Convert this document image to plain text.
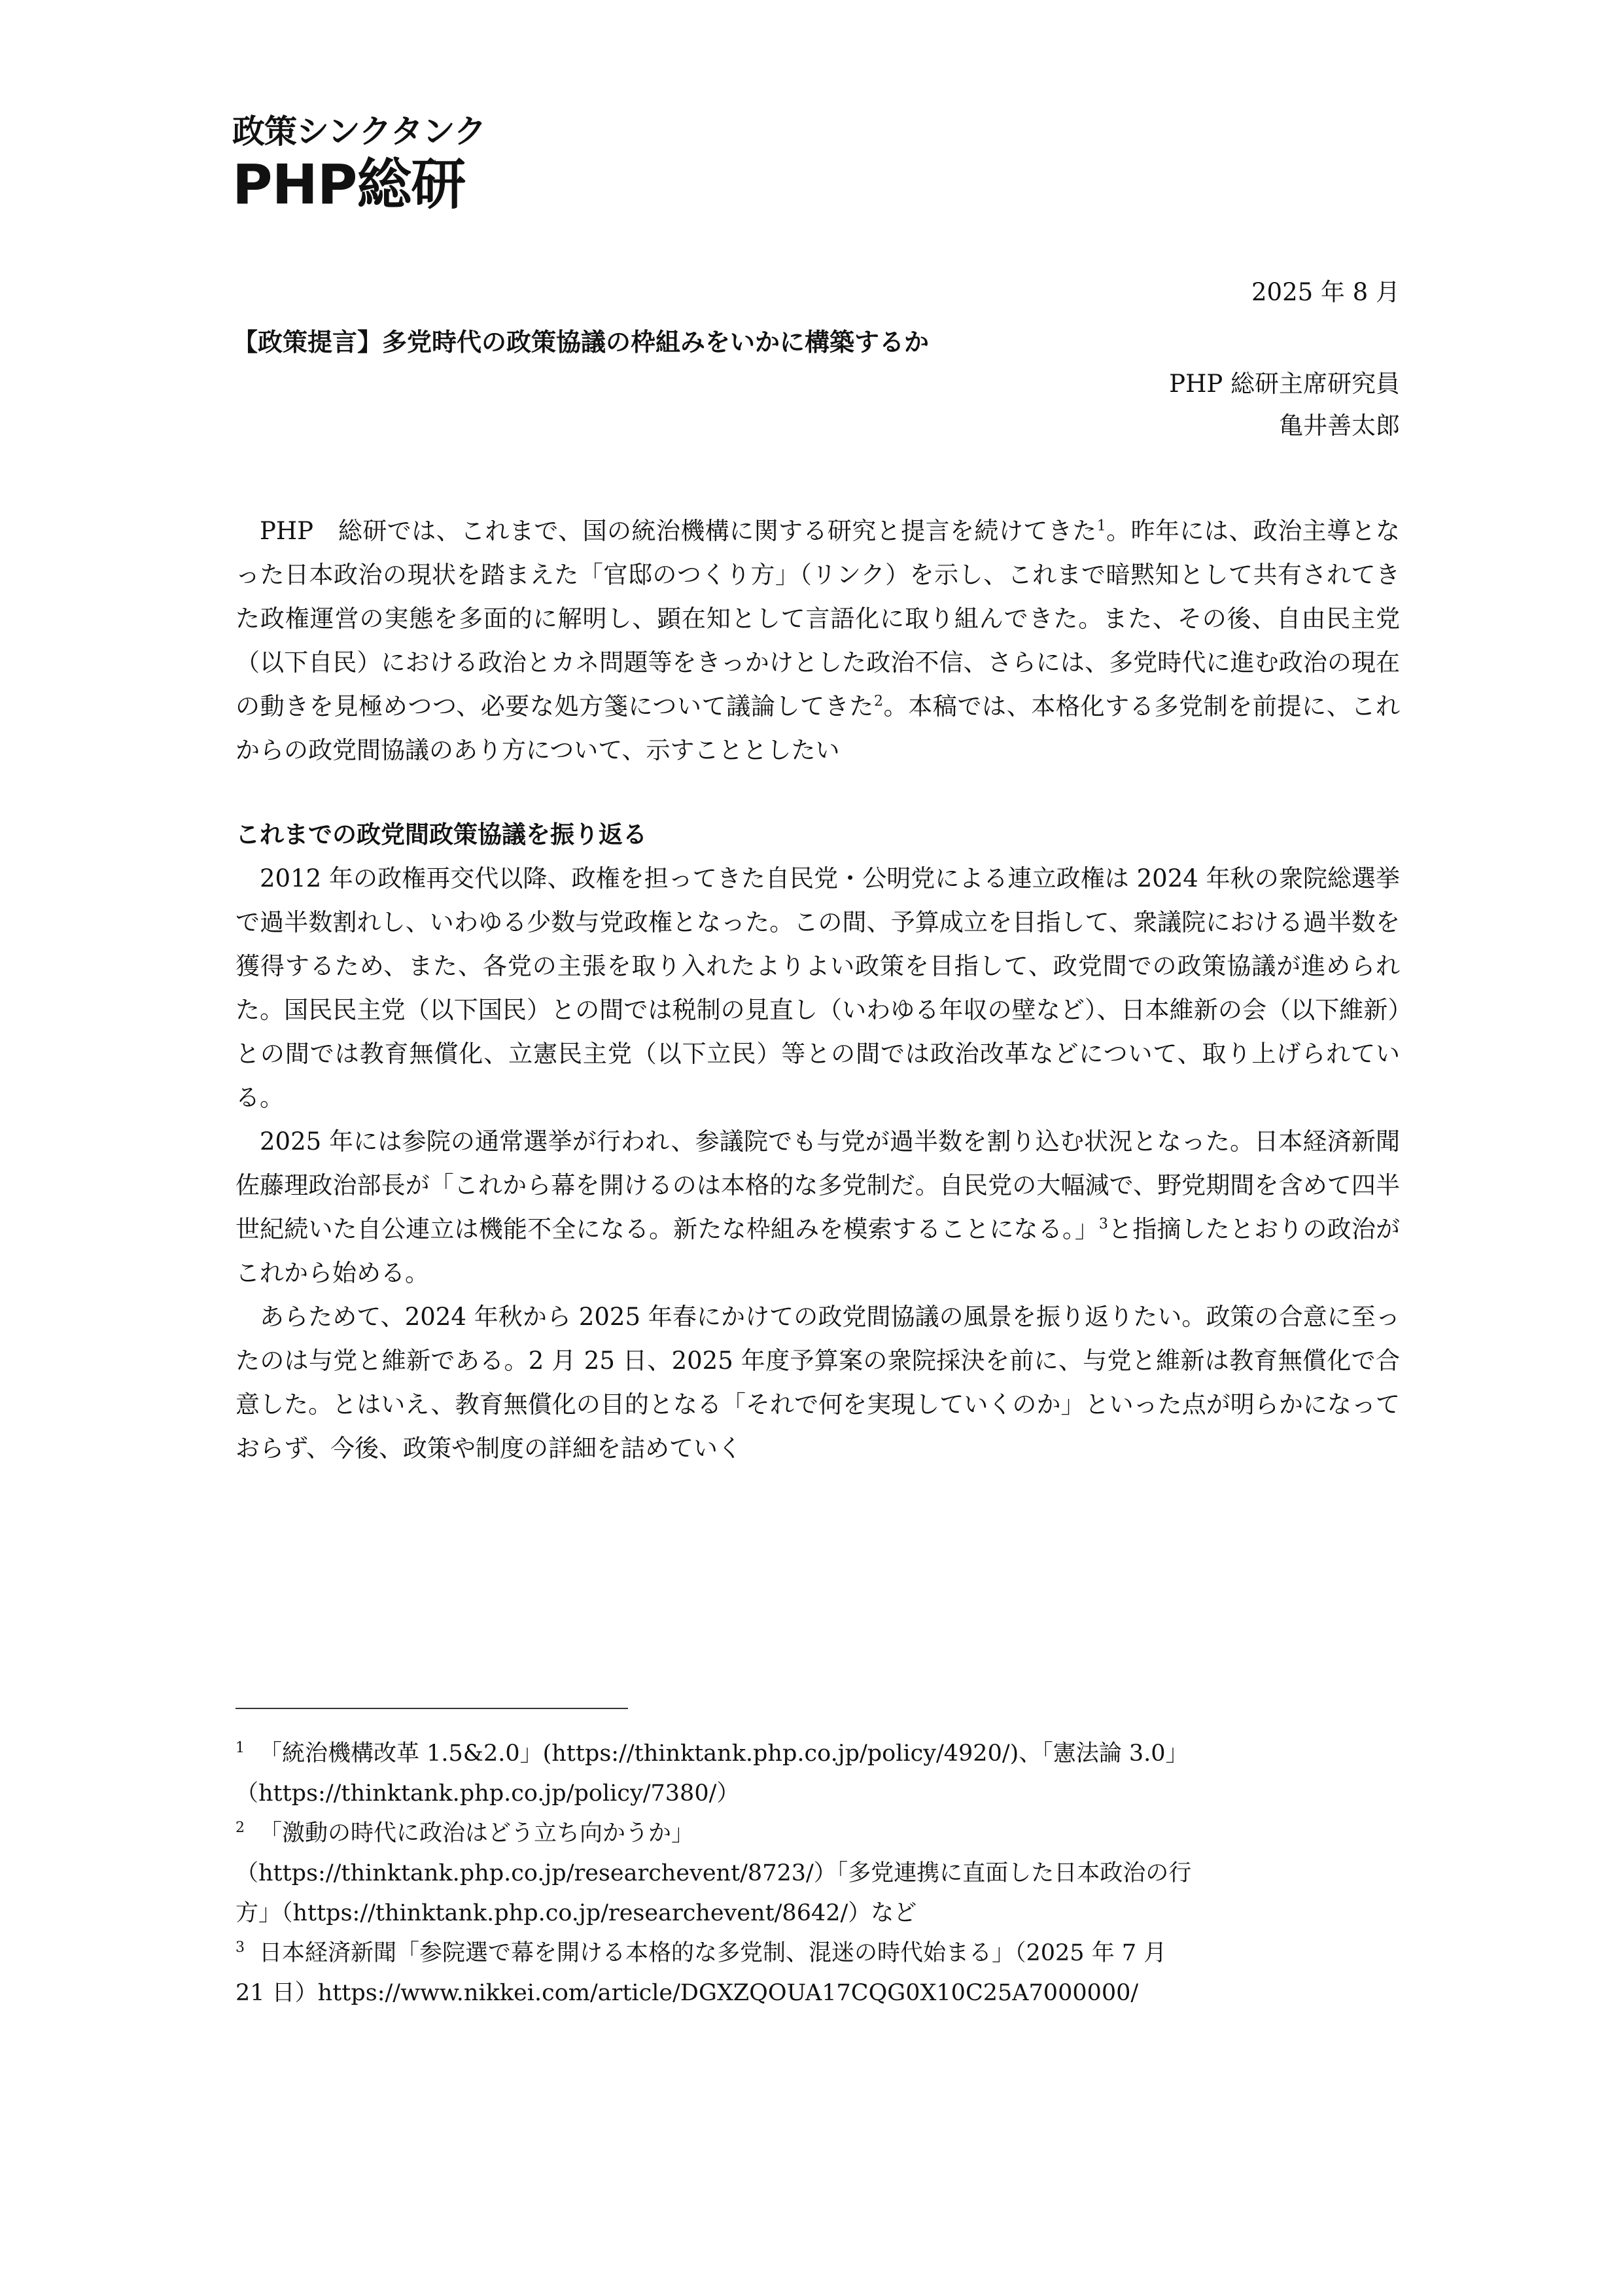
政策シンクタンク
PHP総研
2025 年 8 月
【政策提言】多党時代の政策協議の枠組みをいかに構築するか
PHP 総研主席研究員
亀井善太郎

PHP　総研では、これまで、国の統治機構に関する研究と提言を続けてきた$^1$。昨年には、政治主導となった日本政治の現状を踏まえた「官邸のつくり方」（リンク）を示し、これまで暗黙知として共有されてきた政権運営の実態を多面的に解明し、顕在知として言語化に取り組んできた。また、その後、自由民主党（以下自民）における政治とカネ問題等をきっかけとした政治不信、さらには、多党時代に進む政治の現在の動きを見極めつつ、必要な処方箋について議論してきた$^2$。本稿では、本格化する多党制を前提に、これからの政党間協議のあり方について、示すこととしたい

これまでの政党間政策協議を振り返る

2012 年の政権再交代以降、政権を担ってきた自民党・公明党による連立政権は 2024 年秋の衆院総選挙で過半数割れし、いわゆる少数与党政権となった。この間、予算成立を目指して、衆議院における過半数を獲得するため、また、各党の主張を取り入れたよりよい政策を目指して、政党間での政策協議が進められた。国民民主党（以下国民）との間では税制の見直し（いわゆる年収の壁など）、日本維新の会（以下維新）との間では教育無償化、立憲民主党（以下立民）等との間では政治改革などについて、取り上げられている。

2025 年には参院の通常選挙が行われ、参議院でも与党が過半数を割り込む状況となった。日本経済新聞佐藤理政治部長が「これから幕を開けるのは本格的な多党制だ。自民党の大幅減で、野党期間を含めて四半世紀続いた自公連立は機能不全になる。新たな枠組みを模索することになる。」$^3$と指摘したとおりの政治がこれから始める。

あらためて、2024 年秋から 2025 年春にかけての政党間協議の風景を振り返りたい。政策の合意に至ったのは与党と維新である。2 月 25 日、2025 年度予算案の衆院採決を前に、与党と維新は教育無償化で合意した。とはいえ、教育無償化の目的となる「それで何を実現していくのか」といった点が明らかになっておらず、今後、政策や制度の詳細を詰めていく

$^1$ 「統治機構改革 1.5&2.0」(https://thinktank.php.co.jp/policy/4920/)、「憲法論 3.0」
（https://thinktank.php.co.jp/policy/7380/）
$^2$ 「激動の時代に政治はどう立ち向かうか」
（https://thinktank.php.co.jp/researchevent/8723/）「多党連携に直面した日本政治の行
方」（https://thinktank.php.co.jp/researchevent/8642/）など
$^3$ 日本経済新聞「参院選で幕を開ける本格的な多党制、混迷の時代始まる」（2025 年 7 月
21 日）https://www.nikkei.com/article/DGXZQOUA17CQG0X10C25A7000000/
